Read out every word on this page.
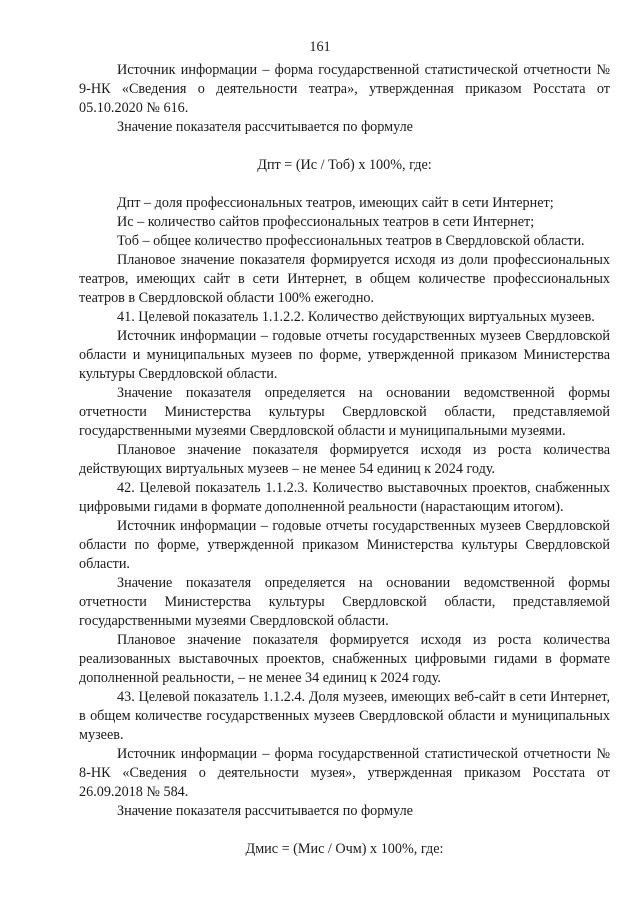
161

Источник информации – форма государственной статистической отчетности № 9-НК «Сведения о деятельности театра», утвержденная приказом Росстата от 05.10.2020 № 616.

Значение показателя рассчитывается по формуле

Дпт = (Ис / Тоб) х 100%, где:

Дпт – доля профессиональных театров, имеющих сайт в сети Интернет;

Ис – количество сайтов профессиональных театров в сети Интернет;

Тоб – общее количество профессиональных театров в Свердловской области.

Плановое значение показателя формируется исходя из доли профессиональных театров, имеющих сайт в сети Интернет, в общем количестве профессиональных театров в Свердловской области 100% ежегодно.

41. Целевой показатель 1.1.2.2. Количество действующих виртуальных музеев.

Источник информации – годовые отчеты государственных музеев Свердловской области и муниципальных музеев по форме, утвержденной приказом Министерства культуры Свердловской области.

Значение показателя определяется на основании ведомственной формы отчетности Министерства культуры Свердловской области, представляемой государственными музеями Свердловской области и муниципальными музеями.

Плановое значение показателя формируется исходя из роста количества действующих виртуальных музеев – не менее 54 единиц к 2024 году.

42. Целевой показатель 1.1.2.3. Количество выставочных проектов, снабженных цифровыми гидами в формате дополненной реальности (нарастающим итогом).

Источник информации – годовые отчеты государственных музеев Свердловской области по форме, утвержденной приказом Министерства культуры Свердловской области.

Значение показателя определяется на основании ведомственной формы отчетности Министерства культуры Свердловской области, представляемой государственными музеями Свердловской области.

Плановое значение показателя формируется исходя из роста количества реализованных выставочных проектов, снабженных цифровыми гидами в формате дополненной реальности, – не менее 34 единиц к 2024 году.

43. Целевой показатель 1.1.2.4. Доля музеев, имеющих веб-сайт в сети Интернет, в общем количестве государственных музеев Свердловской области и муниципальных музеев.

Источник информации – форма государственной статистической отчетности № 8-НК «Сведения о деятельности музея», утвержденная приказом Росстата от 26.09.2018 № 584.

Значение показателя рассчитывается по формуле

Дмис = (Мис / Очм) х 100%, где:
